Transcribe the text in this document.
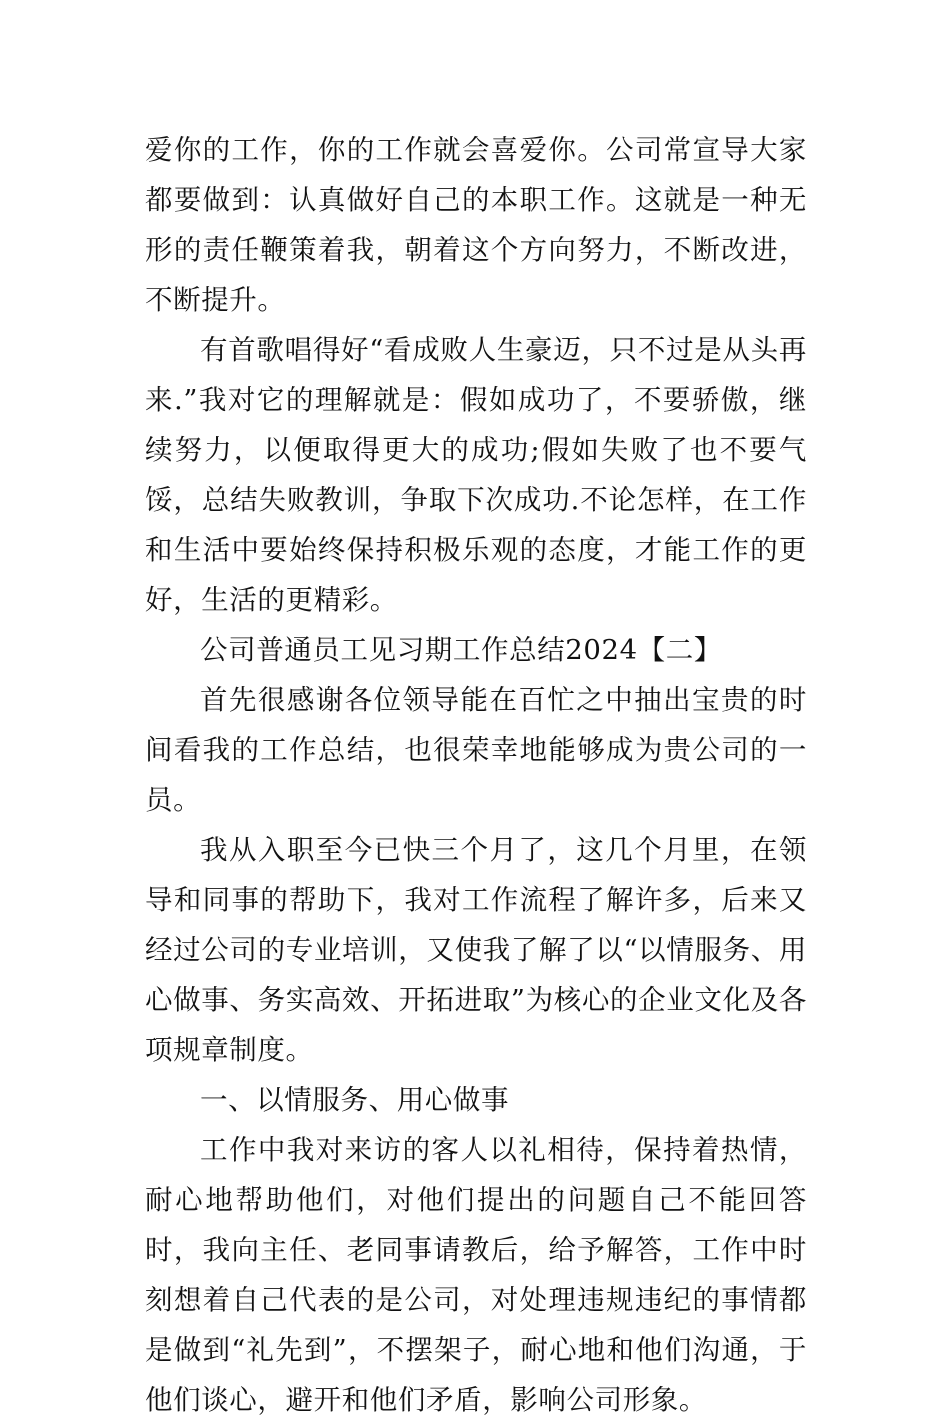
爱你的工作，你的工作就会喜爱你。公司常宣导大家都要做到：认真做好自己的本职工作。这就是一种无形的责任鞭策着我，朝着这个方向努力，不断改进，不断提升。

有首歌唱得好“看成败人生豪迈，只不过是从头再来.”我对它的理解就是：假如成功了，不要骄傲，继续努力，以便取得更大的成功;假如失败了也不要气馁，总结失败教训，争取下次成功.不论怎样，在工作和生活中要始终保持积极乐观的态度，才能工作的更好，生活的更精彩。

公司普通员工见习期工作总结2024【二】

首先很感谢各位领导能在百忙之中抽出宝贵的时间看我的工作总结，也很荣幸地能够成为贵公司的一员。

我从入职至今已快三个月了，这几个月里，在领导和同事的帮助下，我对工作流程了解许多，后来又经过公司的专业培训，又使我了解了以“以情服务、用心做事、务实高效、开拓进取”为核心的企业文化及各项规章制度。

一、以情服务、用心做事

工作中我对来访的客人以礼相待，保持着热情，耐心地帮助他们，对他们提出的问题自己不能回答时，我向主任、老同事请教后，给予解答，工作中时刻想着自己代表的是公司，对处理违规违纪的事情都是做到“礼先到”，不摆架子，耐心地和他们沟通，于他们谈心，避开和他们矛盾，影响公司形象。
